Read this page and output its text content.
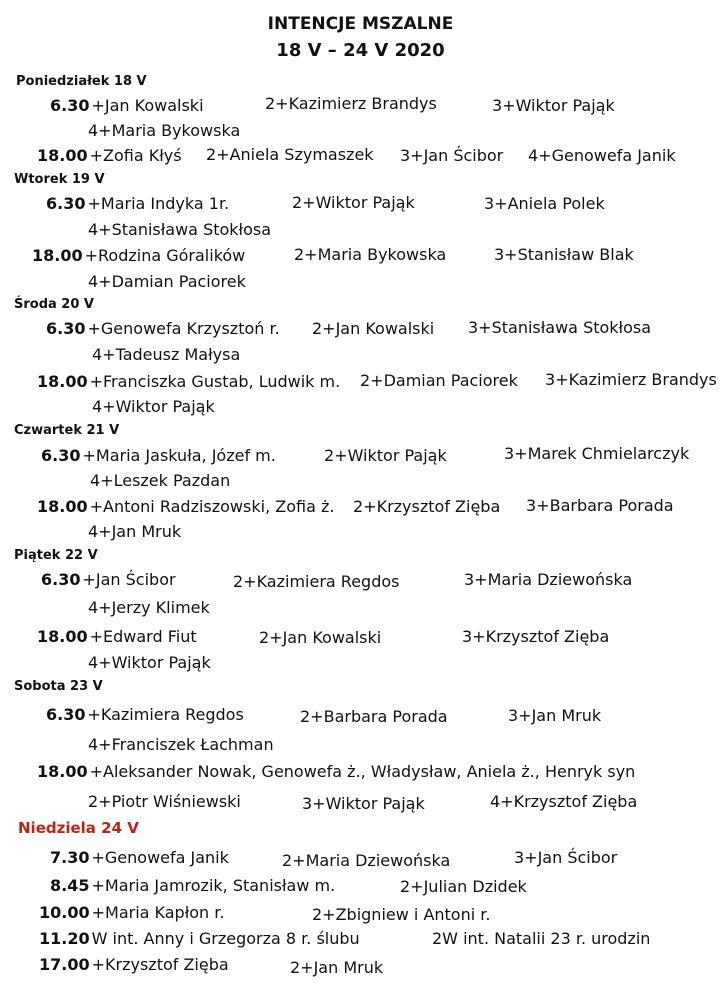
INTENCJE MSZALNE
18 V – 24 V 2020
Poniedziałek 18 V
6.30 +Jan Kowalski	2+Kazimierz Brandys	3+Wiktor Pająk
4+Maria Bykowska
18.00 +Zofia Kłyś 2+Aniela Szymaszek 3+Jan Ścibor 4+Genowefa Janik
Wtorek 19 V
6.30 +Maria Indyka 1r.	2+Wiktor Pająk	3+Aniela Polek
4+Stanisława Stokłosa
18.00 +Rodzina Góralików	2+Maria Bykowska	3+Stanisław Blak
4+Damian Paciorek
Środa 20 V
6.30 +Genowefa Krzysztoń r. 2+Jan Kowalski 3+Stanisława Stokłosa
4+Tadeusz Małysa
18.00 +Franciszka Gustab, Ludwik m. 2+Damian Paciorek 3+Kazimierz Brandys
4+Wiktor Pająk
Czwartek 21 V
6.30 +Maria Jaskuła, Józef m.	2+Wiktor Pająk	3+Marek Chmielarczyk
4+Leszek Pazdan
18.00 +Antoni Radziszowski, Zofia ż. 2+Krzysztof Zięba 3+Barbara Porada
4+Jan Mruk
Piątek 22 V
6.30 +Jan Ścibor	2+Kazimiera Regdos	3+Maria Dziewońska
4+Jerzy Klimek
18.00 +Edward Fiut	2+Jan Kowalski	3+Krzysztof Zięba
4+Wiktor Pająk
Sobota 23 V
6.30 +Kazimiera Regdos	2+Barbara Porada	3+Jan Mruk
4+Franciszek Łachman
18.00 +Aleksander Nowak, Genowefa ż., Władysław, Aniela ż., Henryk syn
2+Piotr Wiśniewski	3+Wiktor Pająk	4+Krzysztof Zięba
Niedziela 24 V
7.30 +Genowefa Janik	2+Maria Dziewońska	3+Jan Ścibor
8.45 +Maria Jamrozik, Stanisław m.	2+Julian Dzidek
10.00 +Maria Kapłon r.	2+Zbigniew i Antoni r.
11.20 W int. Anny i Grzegorza 8 r. ślubu	2W int. Natalii 23 r. urodzin
17.00 +Krzysztof Zięba	2+Jan Mruk
